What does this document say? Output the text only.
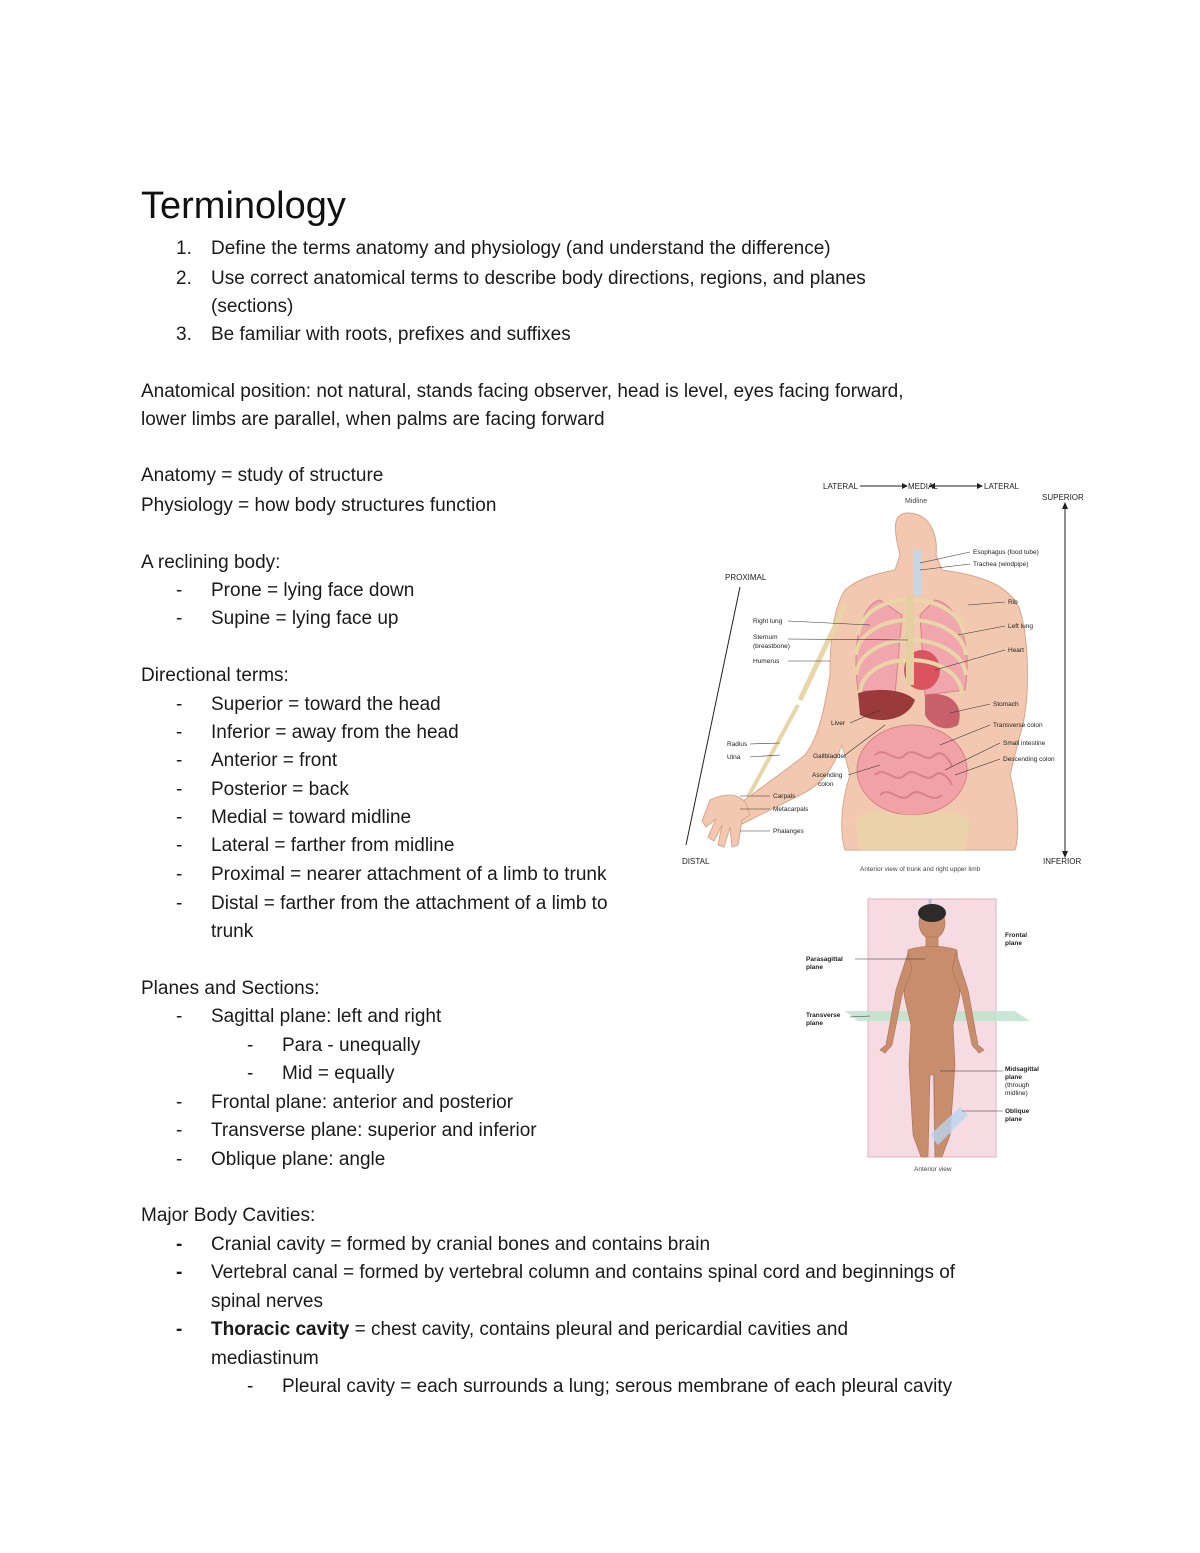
Terminology
1. Define the terms anatomy and physiology (and understand the difference)
2. Use correct anatomical terms to describe body directions, regions, and planes
(sections)
3. Be familiar with roots, prefixes and suffixes
Anatomical position: not natural, stands facing observer, head is level, eyes facing forward,
lower limbs are parallel, when palms are facing forward
Anatomy = study of structure
Physiology = how body structures function
A reclining body:
- Prone = lying face down
- Supine = lying face up
Directional terms:
- Superior = toward the head
- Inferior = away from the head
- Anterior = front
- Posterior = back
- Medial = toward midline
- Lateral = farther from midline
- Proximal = nearer attachment of a limb to trunk
- Distal = farther from the attachment of a limb to
trunk
Planes and Sections:
- Sagittal plane: left and right
- Para - unequally
- Mid = equally
- Frontal plane: anterior and posterior
- Transverse plane: superior and inferior
- Oblique plane: angle
Major Body Cavities:
- Cranial cavity = formed by cranial bones and contains brain
- Vertebral canal = formed by vertebral column and contains spinal cord and beginnings of
spinal nerves
- Thoracic cavity = chest cavity, contains pleural and pericardial cavities and
mediastinum
- Pleural cavity = each surrounds a lung; serous membrane of each pleural cavity
LATERAL	MEDIAL	LATERAL
Midline	SUPERIOR
INFERIOR
PROXIMAL
DISTAL
Right lung
Sternum
(breastbone)
Humerus
Radius
Ulna
Liver
Gallbladder
Ascending
colon
Carpals
Metacarpals
Phalanges
Esophagus (food tube)
Trachea (windpipe)
Rib
Left lung
Heart
Stomach
Transverse colon
Small intestine
Descending colon
Anterior view of trunk and right upper limb
Frontal
plane
Parasagittal
plane
Transverse
plane
Midsagittal
plane
(through
midline)
Oblique
plane
Anterior view
